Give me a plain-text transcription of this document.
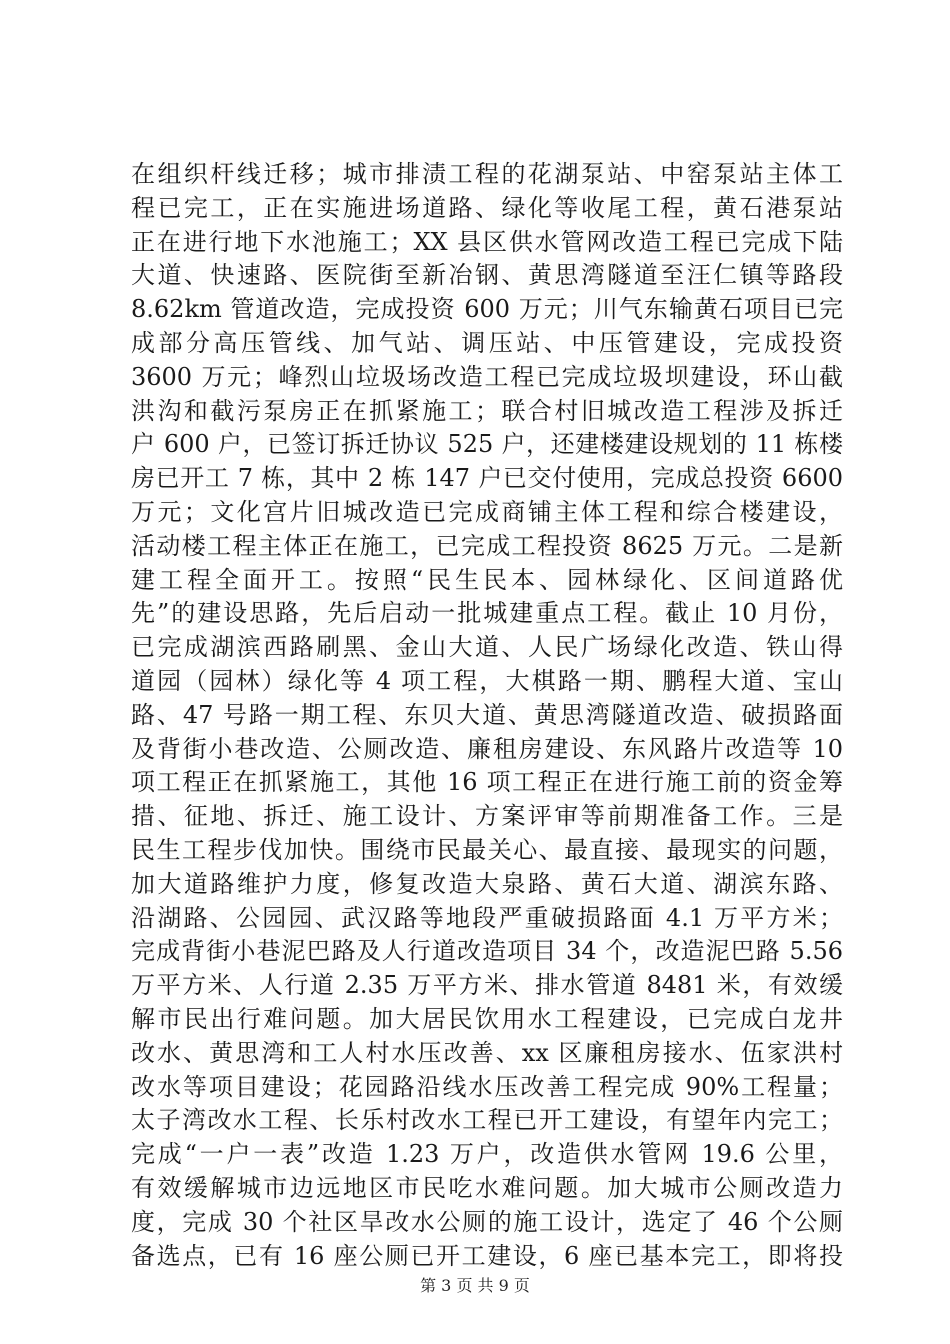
在组织杆线迁移；城市排渍工程的花湖泵站、中窑泵站主体工
程已完工，正在实施进场道路、绿化等收尾工程，黄石港泵站
正在进行地下水池施工；XX 县区供水管网改造工程已完成下陆
大道、快速路、医院街至新冶钢、黄思湾隧道至汪仁镇等路段
8.62km 管道改造，完成投资 600 万元；川气东输黄石项目已完
成部分高压管线、加气站、调压站、中压管建设，完成投资
3600 万元；峰烈山垃圾场改造工程已完成垃圾坝建设，环山截
洪沟和截污泵房正在抓紧施工；联合村旧城改造工程涉及拆迁
户 600 户，已签订拆迁协议 525 户，还建楼建设规划的 11 栋楼
房已开工 7 栋，其中 2 栋 147 户已交付使用，完成总投资 6600
万元；文化宫片旧城改造已完成商铺主体工程和综合楼建设，
活动楼工程主体正在施工，已完成工程投资 8625 万元。二是新
建工程全面开工。按照“民生民本、园林绿化、区间道路优
先”的建设思路，先后启动一批城建重点工程。截止 10 月份，
已完成湖滨西路刷黑、金山大道、人民广场绿化改造、铁山得
道园（园林）绿化等 4 项工程，大棋路一期、鹏程大道、宝山
路、47 号路一期工程、东贝大道、黄思湾隧道改造、破损路面
及背街小巷改造、公厕改造、廉租房建设、东风路片改造等 10
项工程正在抓紧施工，其他 16 项工程正在进行施工前的资金筹
措、征地、拆迁、施工设计、方案评审等前期准备工作。三是
民生工程步伐加快。围绕市民最关心、最直接、最现实的问题，
加大道路维护力度，修复改造大泉路、黄石大道、湖滨东路、
沿湖路、公园园、武汉路等地段严重破损路面 4.1 万平方米；
完成背街小巷泥巴路及人行道改造项目 34 个，改造泥巴路 5.56
万平方米、人行道 2.35 万平方米、排水管道 8481 米，有效缓
解市民出行难问题。加大居民饮用水工程建设，已完成白龙井
改水、黄思湾和工人村水压改善、xx 区廉租房接水、伍家洪村
改水等项目建设；花园路沿线水压改善工程完成 90%工程量；
太子湾改水工程、长乐村改水工程已开工建设，有望年内完工；
完成“一户一表”改造 1.23 万户，改造供水管网 19.6 公里，
有效缓解城市边远地区市民吃水难问题。加大城市公厕改造力
度，完成 30 个社区旱改水公厕的施工设计，选定了 46 个公厕
备选点，已有 16 座公厕已开工建设，6 座已基本完工，即将投
第 3 页 共 9 页
